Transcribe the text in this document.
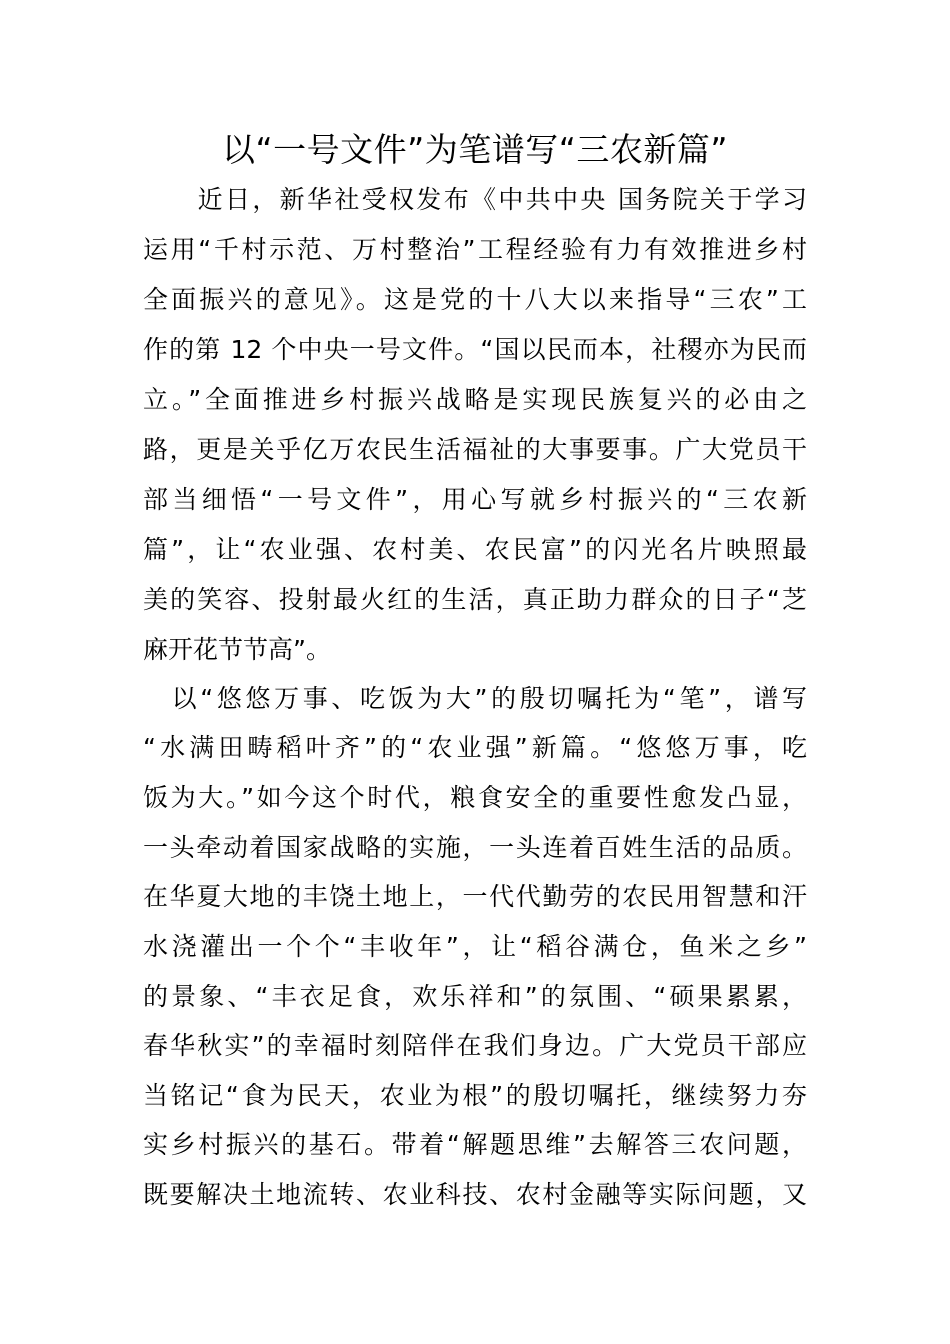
以“一号文件”为笔谱写“三农新篇”
　　近日，新华社受权发布《中共中央 国务院关于学习
运用“千村示范、万村整治”工程经验有力有效推进乡村
全面振兴的意见》。这是党的十八大以来指导“三农”工
作的第 12 个中央一号文件。“国以民而本，社稷亦为民而
立。”全面推进乡村振兴战略是实现民族复兴的必由之
路，更是关乎亿万农民生活福祉的大事要事。广大党员干
部当细悟“一号文件”，用心写就乡村振兴的“三农新
篇”，让“农业强、农村美、农民富”的闪光名片映照最
美的笑容、投射最火红的生活，真正助力群众的日子“芝
麻开花节节高”。
　以“悠悠万事、吃饭为大”的殷切嘱托为“笔”，谱写
“水满田畴稻叶齐”的“农业强”新篇。“悠悠万事，吃
饭为大。”如今这个时代，粮食安全的重要性愈发凸显，
一头牵动着国家战略的实施，一头连着百姓生活的品质。
在华夏大地的丰饶土地上，一代代勤劳的农民用智慧和汗
水浇灌出一个个“丰收年”，让“稻谷满仓，鱼米之乡”
的景象、“丰衣足食，欢乐祥和”的氛围、“硕果累累，
春华秋实”的幸福时刻陪伴在我们身边。广大党员干部应
当铭记“食为民天，农业为根”的殷切嘱托，继续努力夯
实乡村振兴的基石。带着“解题思维”去解答三农问题，
既要解决土地流转、农业科技、农村金融等实际问题，又
